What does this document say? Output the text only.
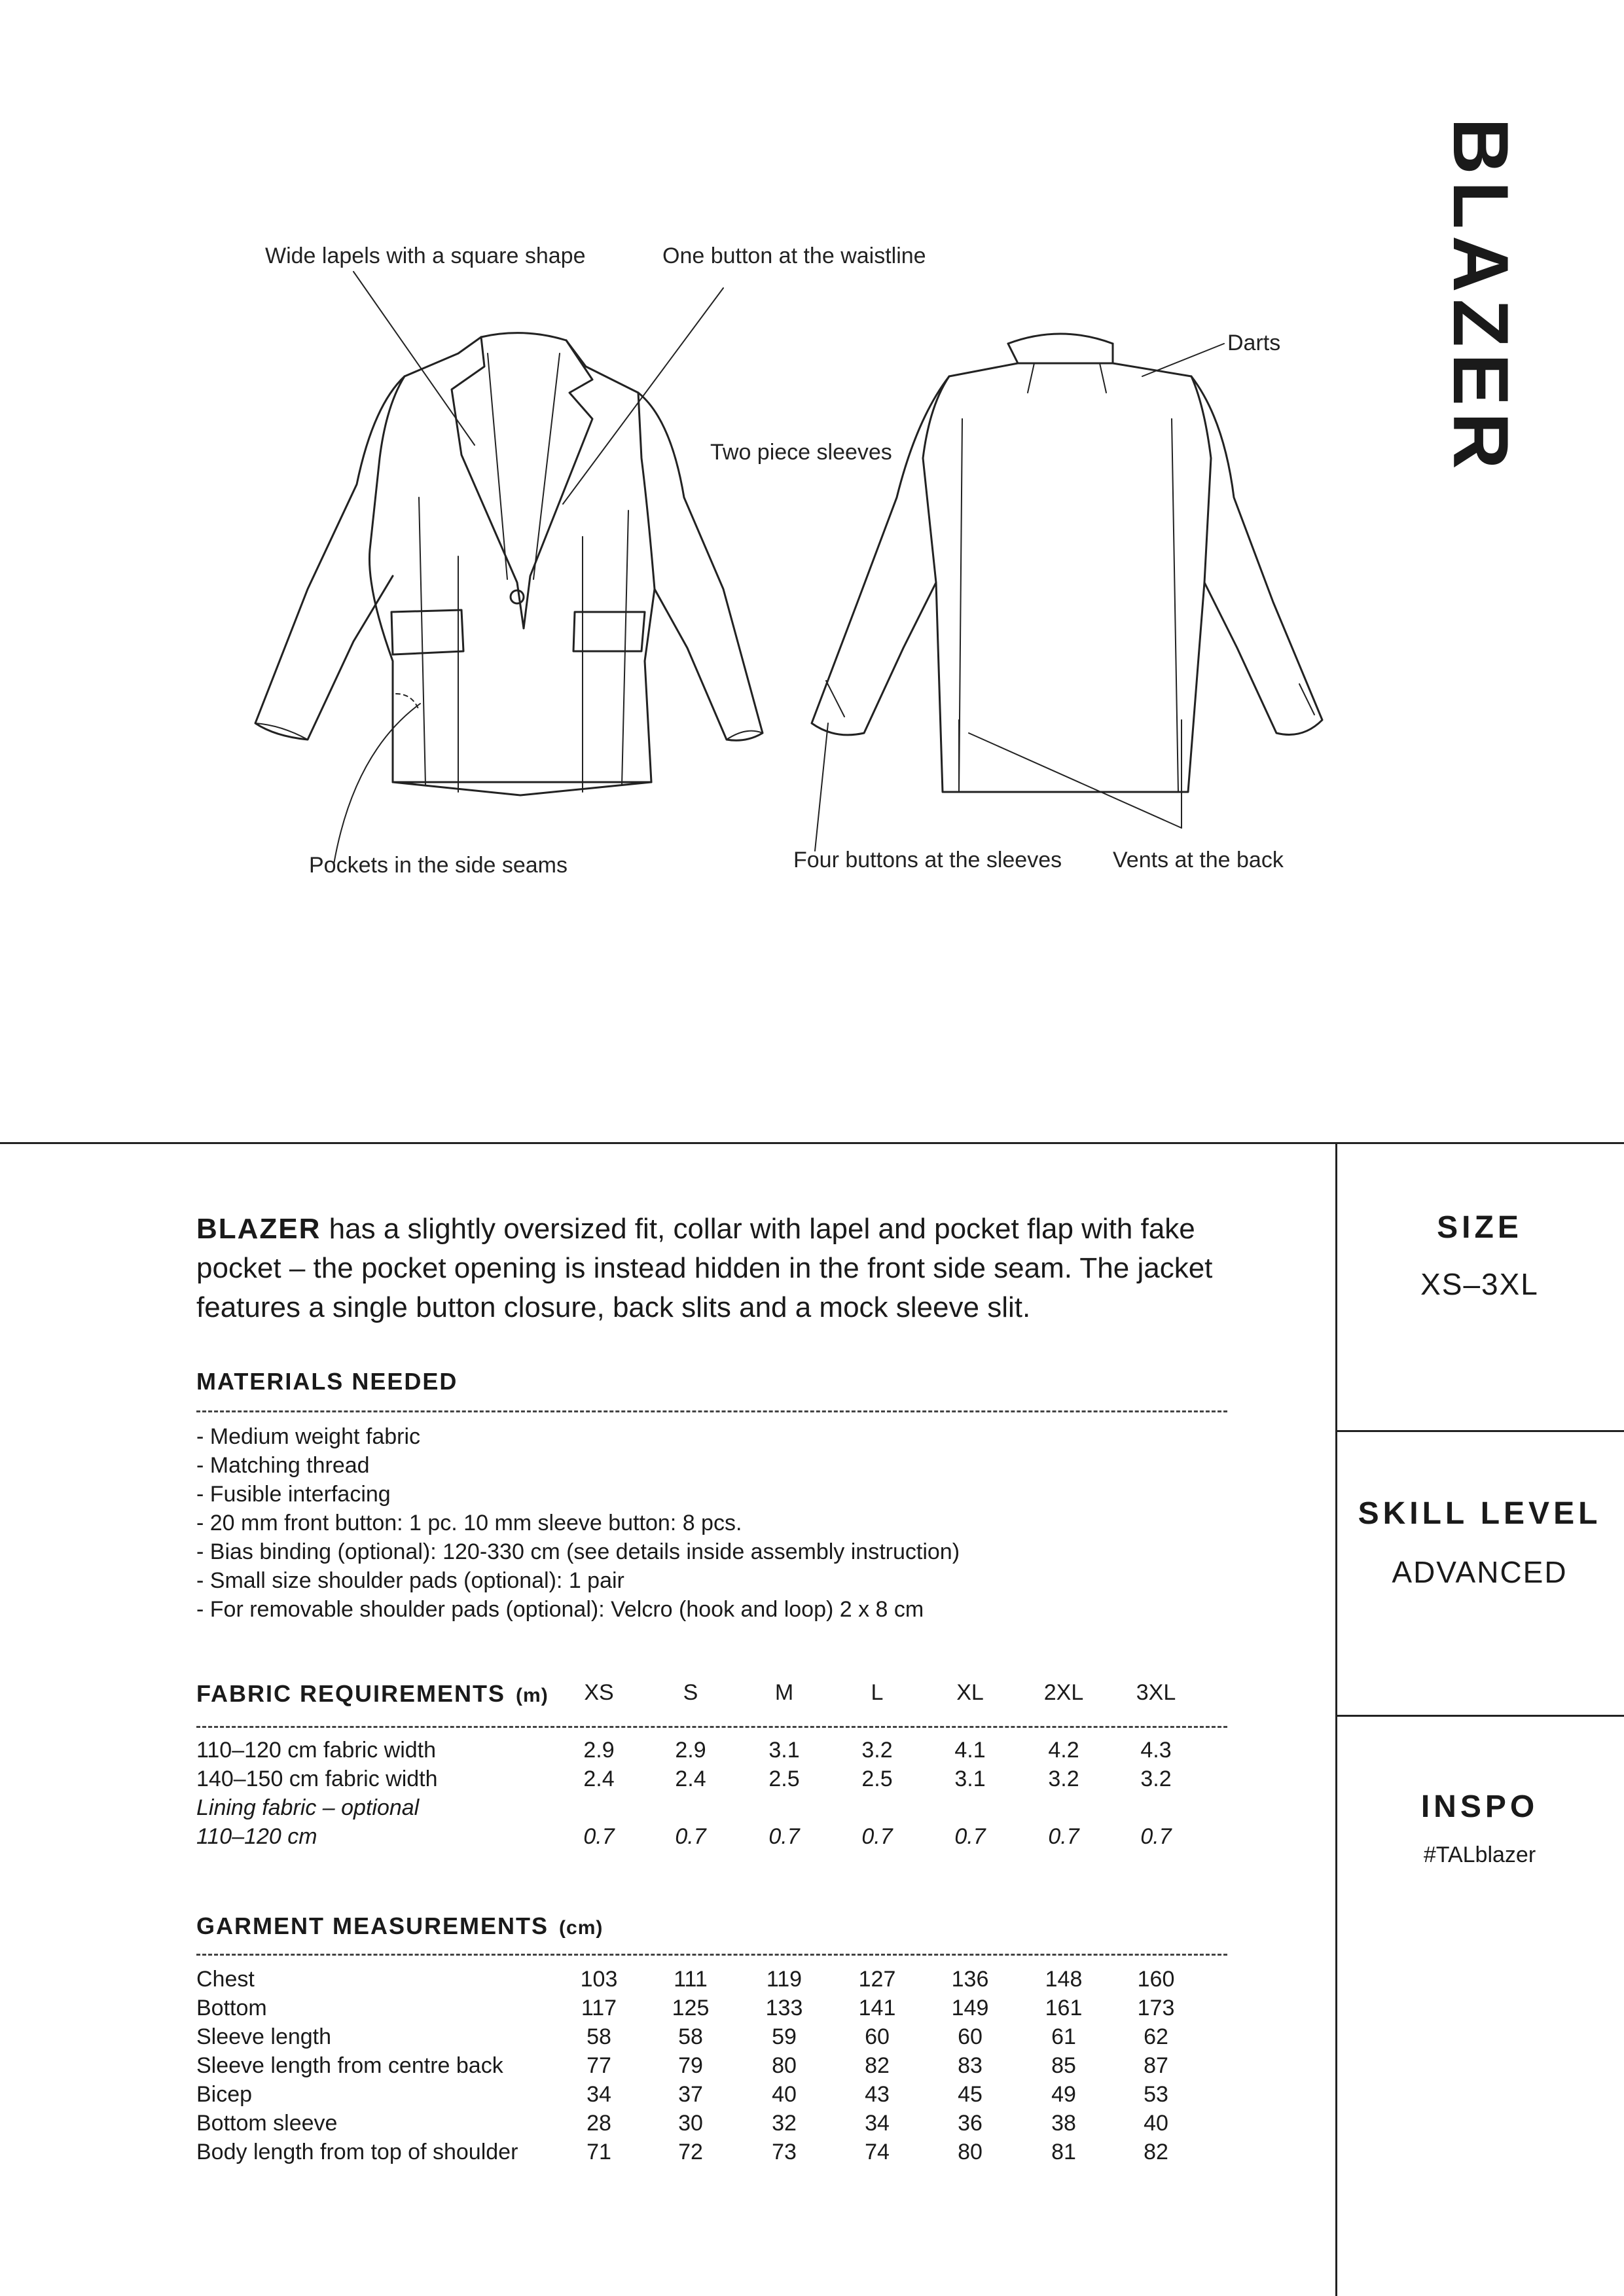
BLAZER
Wide lapels with a square shape	One button at the waistline
Darts
Two piece sleeves
Pockets in the side seams	Four buttons at the sleeves Vents at the back
SIZE
XS–3XL
SKILL LEVEL
ADVANCED
INSPO
#TALblazer
BLAZER has a slightly oversized fit, collar with lapel and pocket flap with fake pocket – the pocket opening is instead hidden in the front side seam. The jacket features a single button closure, back slits and a mock sleeve slit.
MATERIALS NEEDED
- Medium weight fabric
- Matching thread
- Fusible interfacing
- 20 mm front button: 1 pc. 10 mm sleeve button: 8 pcs.
- Bias binding (optional): 120-330 cm (see details inside assembly instruction)
- Small size shoulder pads (optional): 1 pair
- For removable shoulder pads (optional): Velcro (hook and loop) 2 x 8 cm
FABRIC REQUIREMENTS (m)	XS	S	M	L	XL	2XL	3XL
110–120 cm fabric width	2.9	2.9	3.1	3.2	4.1	4.2	4.3
140–150 cm fabric width	2.4	2.4	2.5	2.5	3.1	3.2	3.2
Lining fabric – optional
110–120 cm	0.7	0.7	0.7	0.7	0.7	0.7	0.7
GARMENT MEASUREMENTS (cm)
Chest	103	111	119	127	136	148	160
Bottom	117	125	133	141	149	161	173
Sleeve length	58	58	59	60	60	61	62
Sleeve length from centre back	77	79	80	82	83	85	87
Bicep	34	37	40	43	45	49	53
Bottom sleeve	28	30	32	34	36	38	40
Body length from top of shoulder	71	72	73	74	80	81	82
